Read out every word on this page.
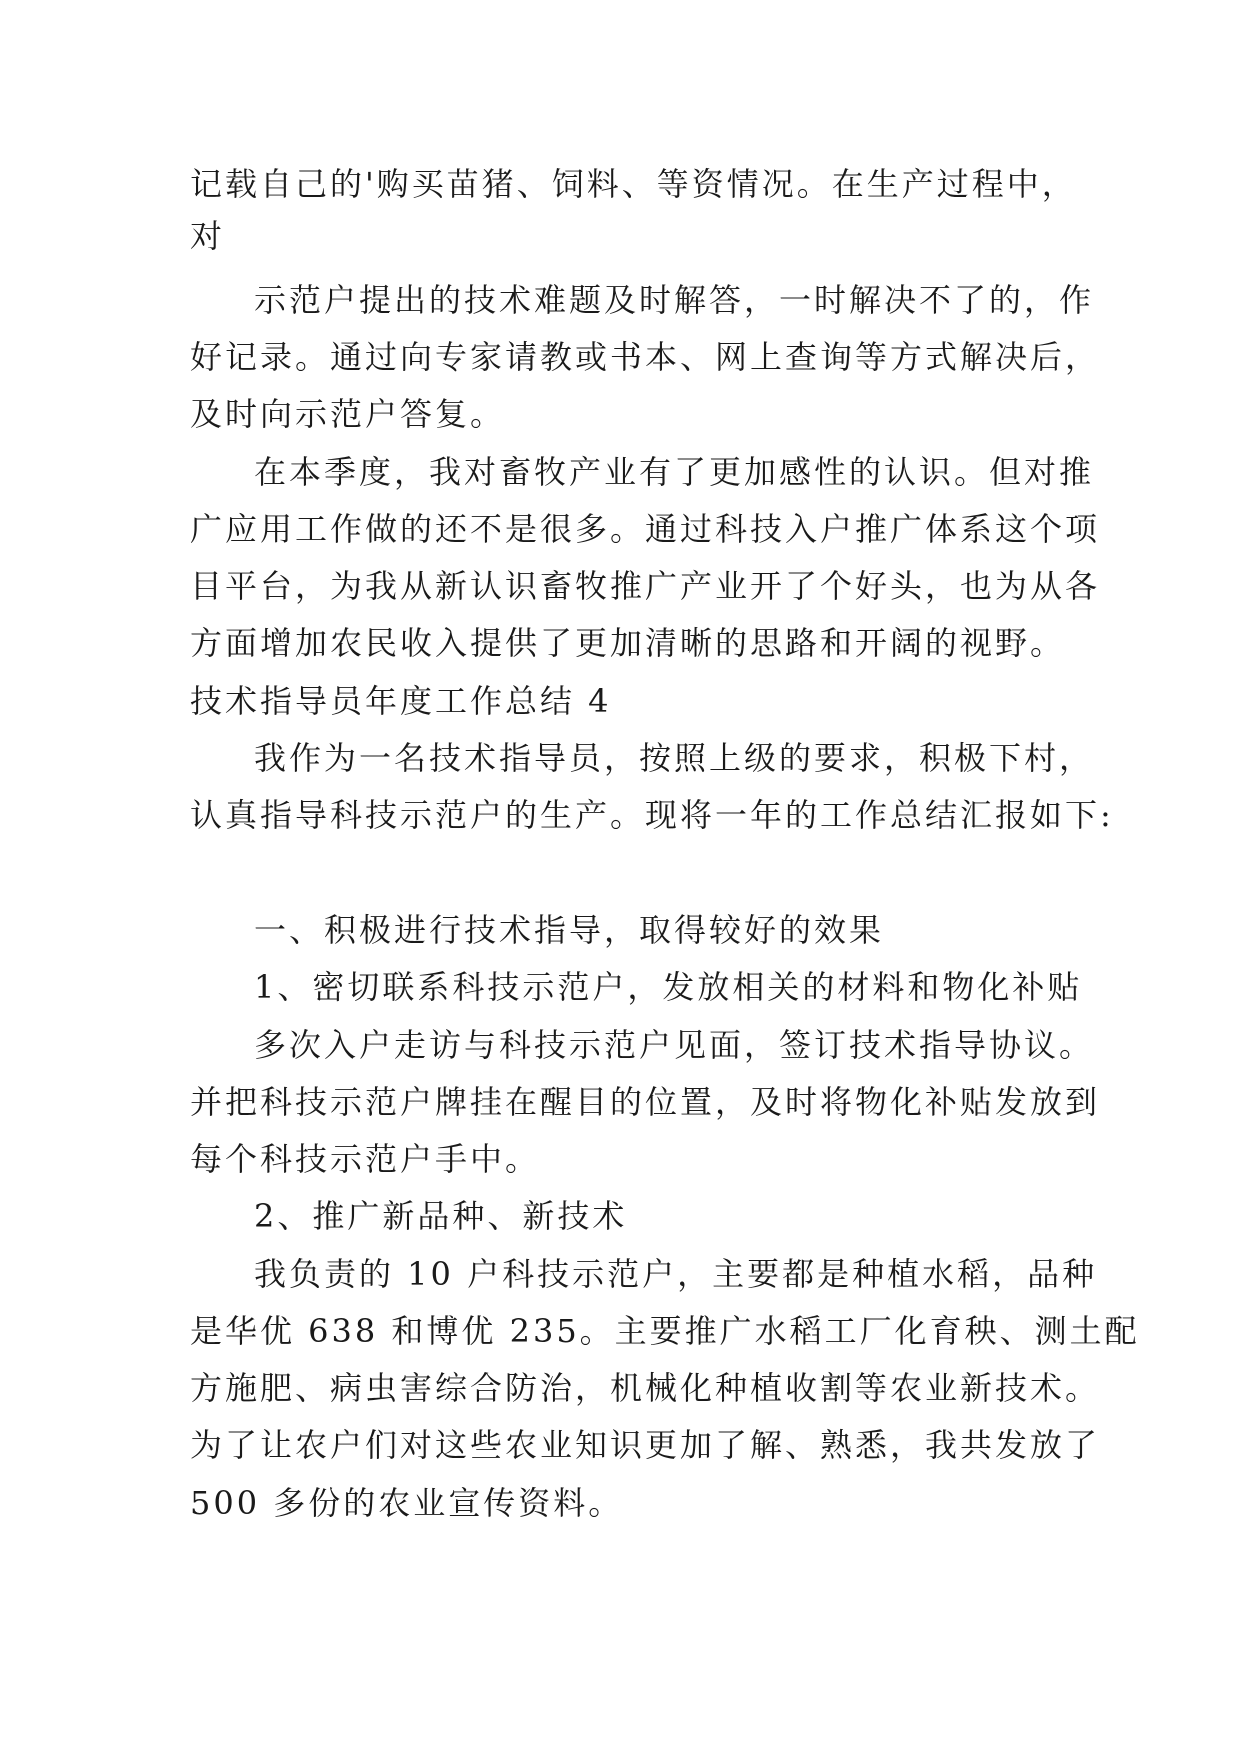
记载自己的'购买苗猪、饲料、等资情况。在生产过程中，
对
示范户提出的技术难题及时解答，一时解决不了的，作
好记录。通过向专家请教或书本、网上查询等方式解决后，
及时向示范户答复。
在本季度，我对畜牧产业有了更加感性的认识。但对推
广应用工作做的还不是很多。通过科技入户推广体系这个项
目平台，为我从新认识畜牧推广产业开了个好头，也为从各
方面增加农民收入提供了更加清晰的思路和开阔的视野。
技术指导员年度工作总结 4
我作为一名技术指导员，按照上级的要求，积极下村，
认真指导科技示范户的生产。现将一年的工作总结汇报如下:
一、积极进行技术指导，取得较好的效果
1、密切联系科技示范户，发放相关的材料和物化补贴
多次入户走访与科技示范户见面，签订技术指导协议。
并把科技示范户牌挂在醒目的位置，及时将物化补贴发放到
每个科技示范户手中。
2、推广新品种、新技术
我负责的 10 户科技示范户，主要都是种植水稻，品种
是华优 638 和博优 235。主要推广水稻工厂化育秧、测土配
方施肥、病虫害综合防治，机械化种植收割等农业新技术。
为了让农户们对这些农业知识更加了解、熟悉，我共发放了
500 多份的农业宣传资料。
